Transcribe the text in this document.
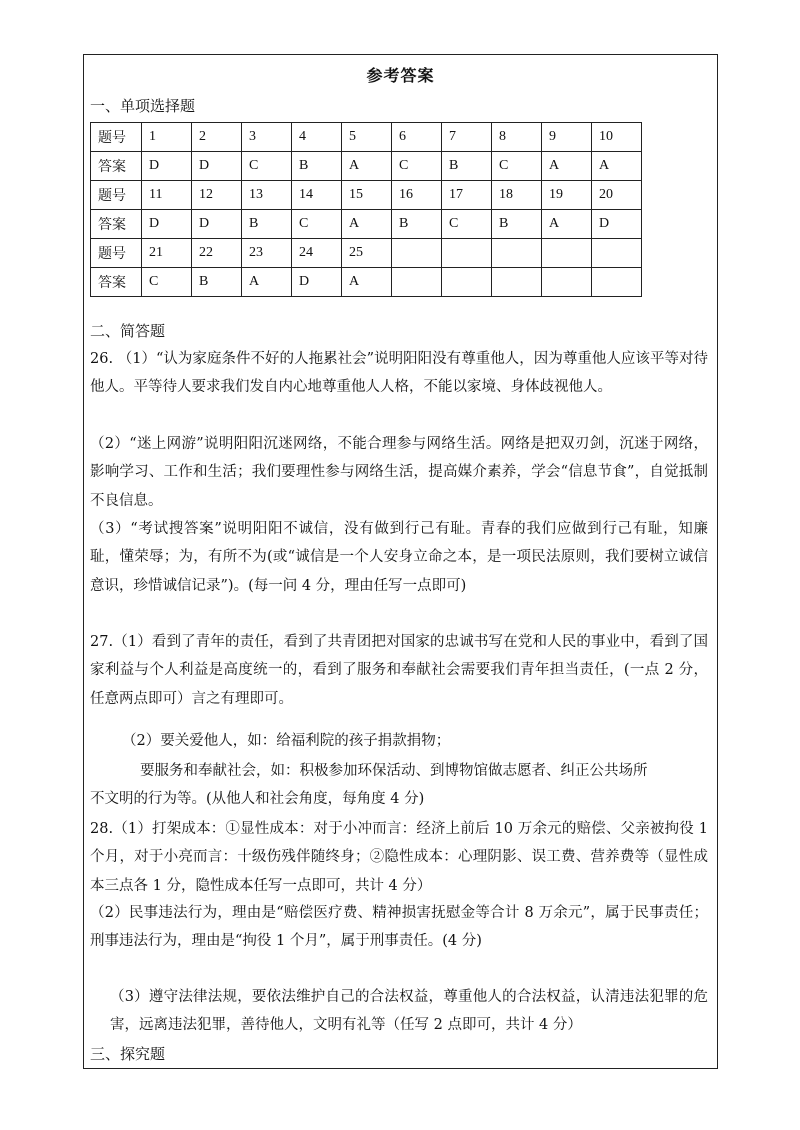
参考答案
一、单项选择题
题号	1	2	3	4	5	6	7	8	9	10
答案	D	D	C	B	A	C	B	C	A	A
题号	11	12	13	14	15	16	17	18	19	20
答案	D	D	B	C	A	B	C	B	A	D
题号	21	22	23	24	25					
答案	C	B	A	D	A					
二、简答题
26. （1）“认为家庭条件不好的人拖累社会”说明阳阳没有尊重他人，因为尊重他人应该平等对待他人。平等待人要求我们发自内心地尊重他人人格，不能以家境、身体歧视他人。
（2）“迷上网游”说明阳阳沉迷网络，不能合理参与网络生活。网络是把双刃剑，沉迷于网络，影响学习、工作和生活；我们要理性参与网络生活，提高媒介素养，学会“信息节食”，自觉抵制不良信息。
（3）“考试搜答案”说明阳阳不诚信，没有做到行己有耻。青春的我们应做到行己有耻，知廉耻，懂荣辱；为，有所不为(或“诚信是一个人安身立命之本，是一项民法原则，我们要树立诚信意识，珍惜诚信记录”)。(每一问 4 分，理由任写一点即可)
27.（1）看到了青年的责任，看到了共青团把对国家的忠诚书写在党和人民的事业中，看到了国家利益与个人利益是高度统一的，看到了服务和奉献社会需要我们青年担当责任，(一点 2 分，任意两点即可）言之有理即可。
（2）要关爱他人，如：给福利院的孩子捐款捐物；
要服务和奉献社会，如：积极参加环保活动、到博物馆做志愿者、纠正公共场所
不文明的行为等。(从他人和社会角度，每角度 4 分)
28.（1）打架成本：①显性成本：对于小冲而言：经济上前后 10 万余元的赔偿、父亲被拘役 1 个月，对于小亮而言：十级伤残伴随终身；②隐性成本：心理阴影、误工费、营养费等（显性成本三点各 1 分，隐性成本任写一点即可，共计 4 分）
（2）民事违法行为，理由是“赔偿医疗费、精神损害抚慰金等合计 8 万余元”，属于民事责任；刑事违法行为，理由是“拘役 1 个月”，属于刑事责任。(4 分)
（3）遵守法律法规，要依法维护自己的合法权益，尊重他人的合法权益，认清违法犯罪的危害，远离违法犯罪，善待他人，文明有礼等（任写 2 点即可，共计 4 分）
三、探究题
